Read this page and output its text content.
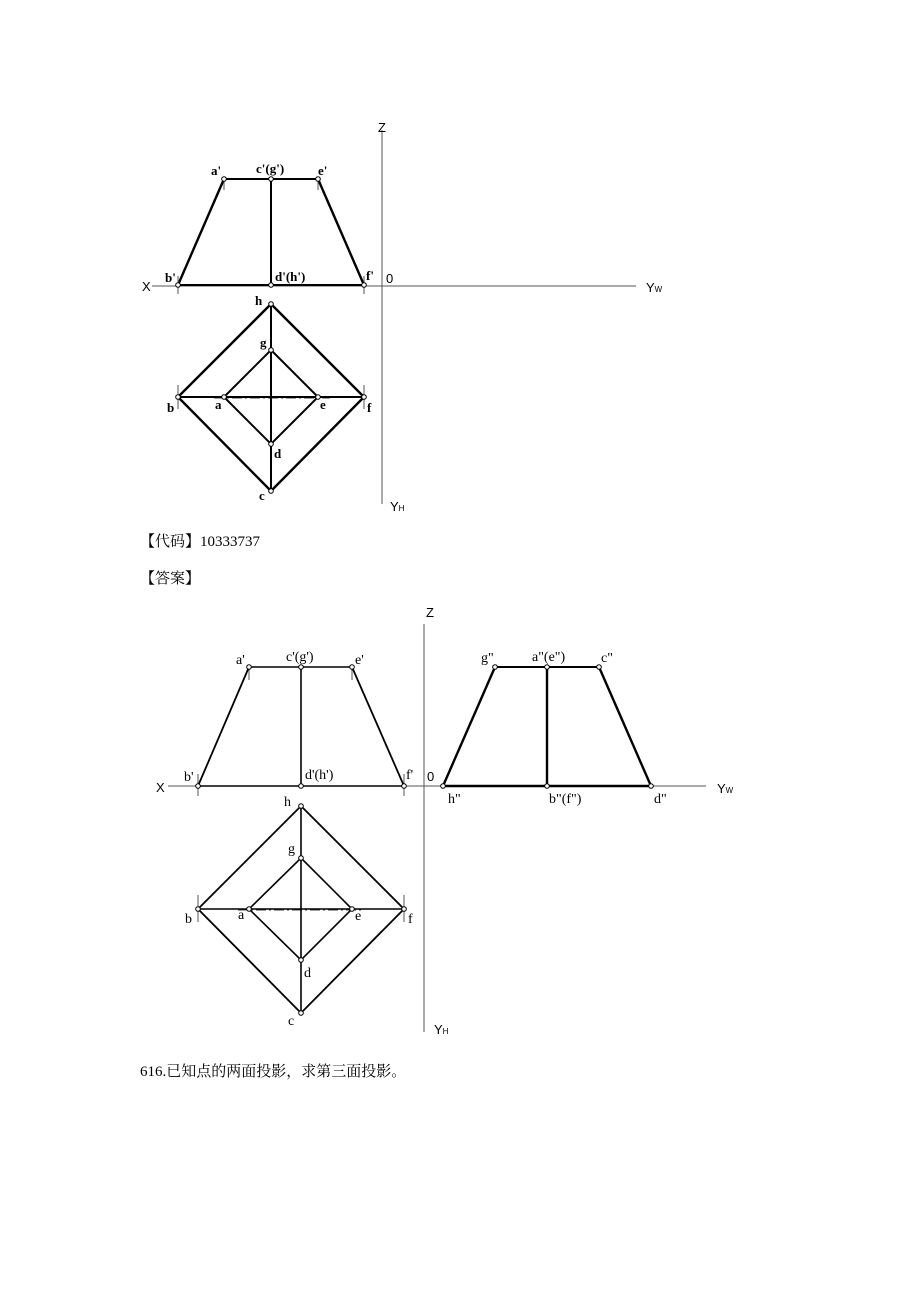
Z
X
0
YW
YH
a'	c'(g')	e'
b'	d'(h')	f'
h
g
b	a	e	f
d
c
【代码】10333737
【答案】
Z
X
0
YW
YH
a'	c'(g')	e'
b'	d'(h')	f'
g"	a"(e")	c"
h"	b"(f")	d"
h
g
b	a	e	f
d
c
616.已知点的两面投影，求第三面投影。
